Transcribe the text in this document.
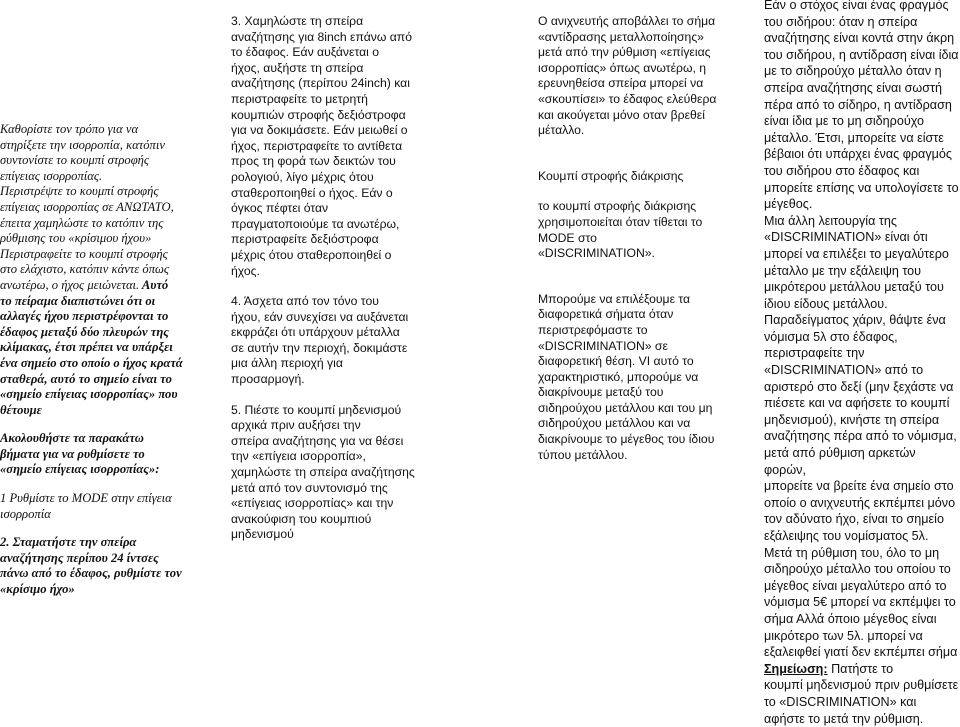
Καθορίστε τον τρόπο για να
στηρίξετε την ισορροπία, κατόπιν
συντονίστε το κουμπί στροφής
επίγειας ισορροπίας.

Περιστρέψτε το κουμπί στροφής
επίγειας ισορροπίας σε ΑΝΩΤΑΤΟ,
έπειτα χαμηλώστε το κατόπιν της
ρύθμισης του «κρίσιμου ήχου»
Περιστραφείτε το κουμπί στροφής
στο ελάχιστο, κατόπιν κάντε όπως
ανωτέρω, ο ήχος μειώνεται. Αυτό
το πείραμα διαπιστώνει ότι οι
αλλαγές ήχου περιστρέφονται το
έδαφος μεταξύ δύο πλευρών της
κλίμακας, έτσι πρέπει να υπάρξει
ένα σημείο στο οποίο ο ήχος κρατά
σταθερά, αυτό το σημείο είναι το
«σημείο επίγειας ισορροπίας» που
θέτουμε

Ακολουθήστε τα παρακάτω
βήματα για να ρυθμίσετε το
«σημείο επίγειας ισορροπίας»:

1 Ρυθμίστε το MODE στην επίγεια
ισορροπία

2. Σταματήστε την σπείρα
αναζήτησης περίπου 24 ίντσες
πάνω από το έδαφος, ρυθμίστε τον
«κρίσιμο ήχο»

3. Χαμηλώστε τη σπείρα
αναζήτησης για 8inch επάνω από
το έδαφος. Εάν αυξάνεται ο
ήχος, αυξήστε τη σπείρα
αναζήτησης (περίπου 24inch) και
περιστραφείτε το μετρητή
κουμπιών στροφής δεξιόστροφα
για να δοκιμάσετε. Εάν μειωθεί ο
ήχος, περιστραφείτε το αντίθετα
προς τη φορά των δεικτών του
ρολογιού, λίγο μέχρις ότου
σταθεροποιηθεί ο ήχος. Εάν ο
όγκος πέφτει όταν
πραγματοποιούμε τα ανωτέρω,
περιστραφείτε δεξιόστροφα
μέχρις ότου σταθεροποιηθεί ο
ήχος.

4. Άσχετα από τον τόνο του
ήχου, εάν συνεχίσει να αυξάνεται
εκφράζει ότι υπάρχουν μέταλλα
σε αυτήν την περιοχή, δοκιμάστε
μια άλλη περιοχή για
προσαρμογή.

5. Πιέστε το κουμπί μηδενισμού
αρχικά πριν αυξήσει την
σπείρα αναζήτησης για να θέσει
την «επίγεια ισορροπία»,
χαμηλώστε τη σπείρα αναζήτησης
μετά από τον συντονισμό της
«επίγειας ισορροπίας» και την
ανακούφιση του κουμπιού
μηδενισμού

Ο ανιχνευτής αποβάλλει το σήμα
«αντίδρασης μεταλλοποίησης»
μετά από την ρύθμιση «επίγειας
ισορροπίας» όπως ανωτέρω, η
ερευνηθείσα σπείρα μπορεί να
«σκουπίσει» το έδαφος ελεύθερα
και ακούγεται μόνο οταν βρεθεί
μέταλλο.

Κουμπί στροφής διάκρισης

το κουμπί στροφής διάκρισης
χρησιμοποιείται όταν τίθεται το
MODE στο
«DISCRIMINATION».

Μπορούμε να επιλέξουμε τα
διαφορετικά σήματα όταν
περιστρεφόμαστε το
«DISCRIMINATION» σε
διαφορετική θέση. VI αυτό το
χαρακτηριστικό, μπορούμε να
διακρίνουμε μεταξύ του
σιδηρούχου μετάλλου και του μη
σιδηρούχου μετάλλου και να
διακρίνουμε το μέγεθος του ίδιου
τύπου μετάλλου.

Εάν ο στόχος είναι ένας φραγμός
του σιδήρου: όταν η σπείρα
αναζήτησης είναι κοντά στην άκρη
του σιδήρου, η αντίδραση είναι ίδια
με το σιδηρούχο μέταλλο όταν η
σπείρα αναζήτησης είναι σωστή
πέρα από το σίδηρο, η αντίδραση
είναι ίδια με το μη σιδηρούχο
μέταλλο. Έτσι, μπορείτε να είστε
βέβαιοι ότι υπάρχει ένας φραγμός
του σιδήρου στο έδαφος και
μπορείτε επίσης να υπολογίσετε το
μέγεθος.

Μια άλλη λειτουργία της
«DISCRIMINATION» είναι ότι
μπορεί να επιλέξει το μεγαλύτερο
μέταλλο με την εξάλειψη του
μικρότερου μετάλλου μεταξύ του
ίδιου είδους μετάλλου.

Παραδείγματος χάριν, θάψτε ένα
νόμισμα 5λ στο έδαφος,
περιστραφείτε την
«DISCRIMINATION» από το
αριστερό στο δεξί (μην ξεχάστε να
πιέσετε και να αφήσετε το κουμπί
μηδενισμού), κινήστε τη σπείρα
αναζήτησης πέρα από το νόμισμα,
μετά από ρύθμιση αρκετών φορών,
μπορείτε να βρείτε ένα σημείο στο
οποίο ο ανιχνευτής εκπέμπει μόνο
τον αδύνατο ήχο, είναι το σημείο
εξάλειψης του νομίσματος 5λ.
Μετά τη ρύθμιση του, όλο το μη
σιδηρούχο μέταλλο του οποίου το
μέγεθος είναι μεγαλύτερο από το
νόμισμα 5€ μπορεί να εκπέμψει το
σήμα Αλλά όποιο μέγεθος είναι
μικρότερο των 5λ. μπορεί να
εξαλειφθεί γιατί δεν εκπέμπει σήμα

Σημείωση: Πατήστε το
κουμπί μηδενισμού πριν ρυθμίσετε
το «DISCRIMINATION» και
αφήστε το μετά την ρύθμιση.
